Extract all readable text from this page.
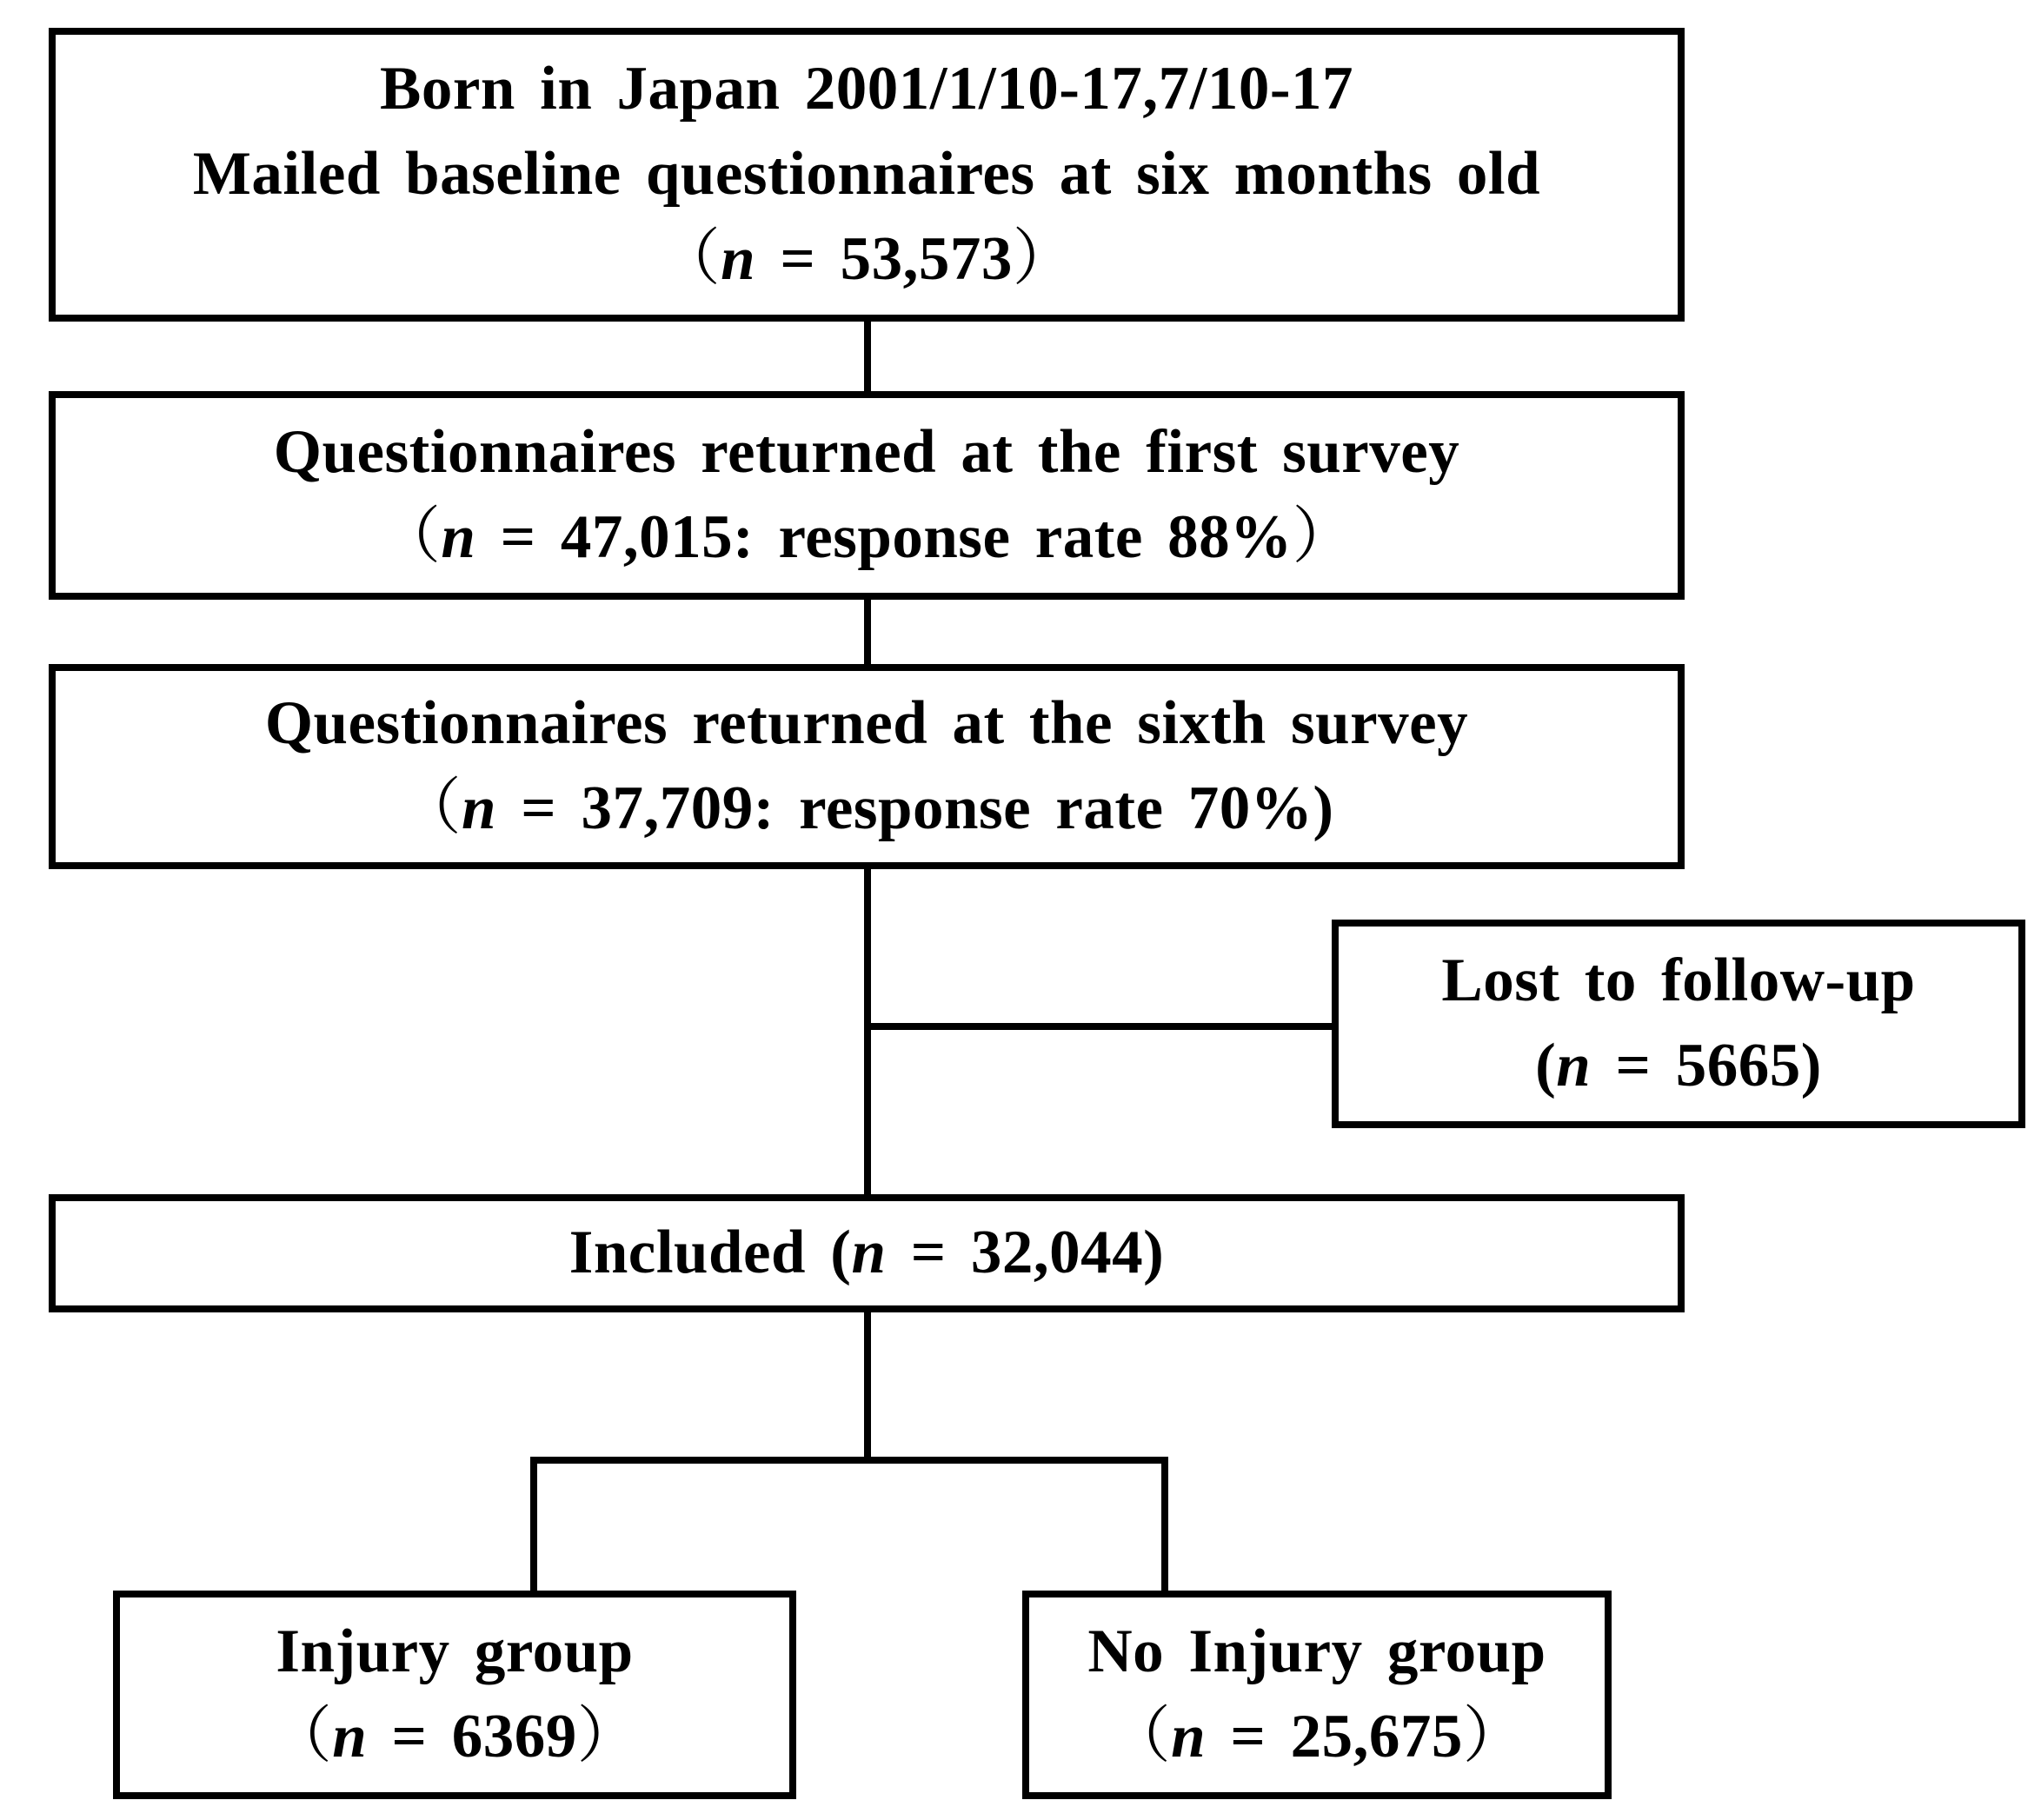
Born in Japan 2001/1/10-17,7/10-17
Mailed baseline questionnaires at six months old
（n = 53,573）
Questionnaires returned at the first survey
（n = 47,015: response rate 88%）
Questionnaires returned at the sixth survey
（n = 37,709: response rate 70%)
Lost to follow-up
(n = 5665)
Included (n = 32,044)
Injury group
（n = 6369）
No Injury group
（n = 25,675）
